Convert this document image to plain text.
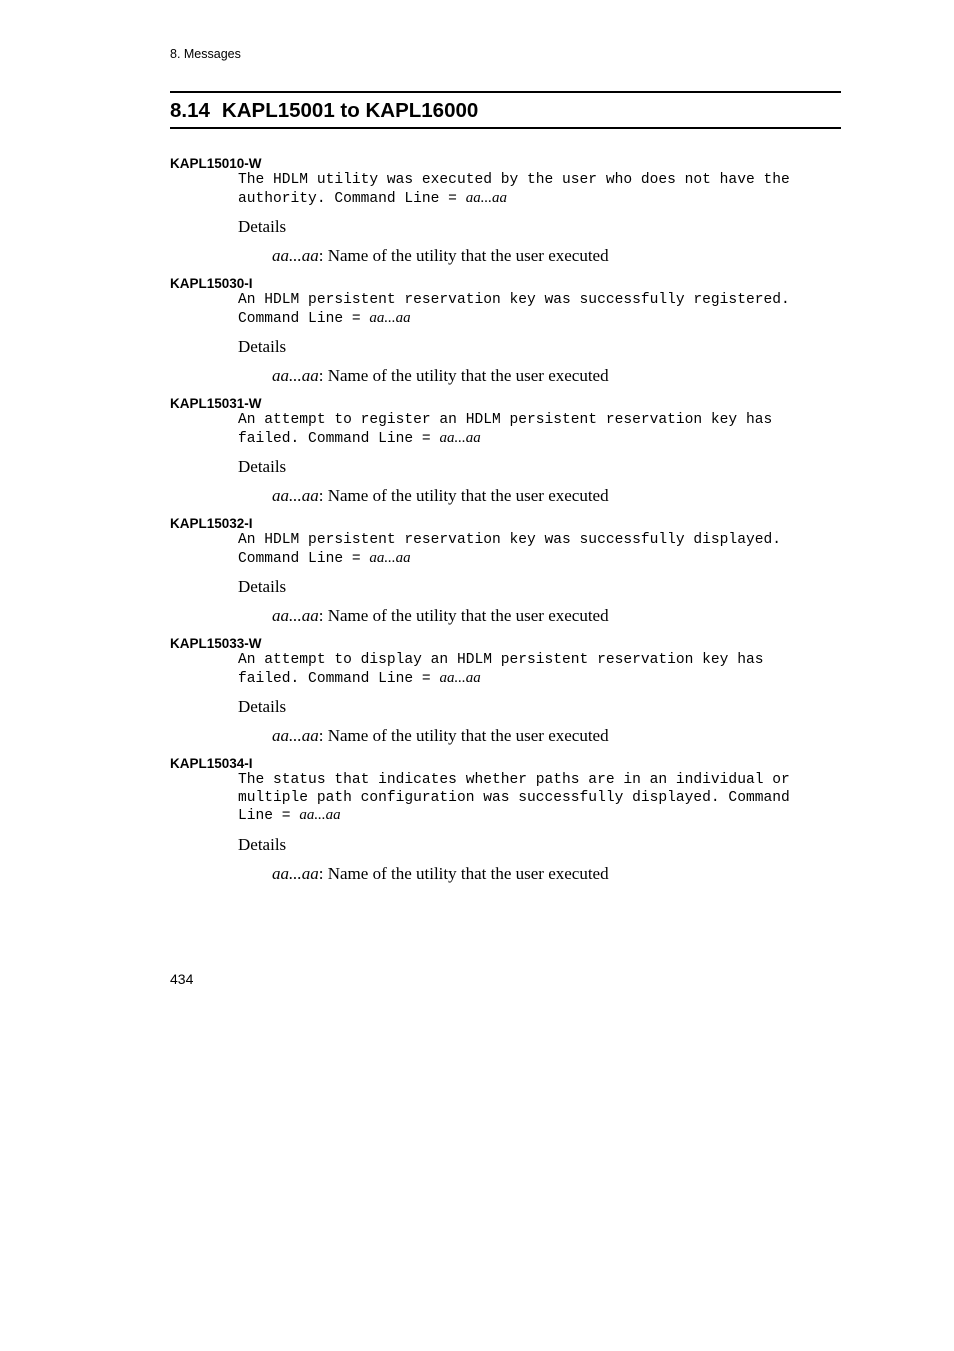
8. Messages
8.14 KAPL15001 to KAPL16000
KAPL15010-W
The HDLM utility was executed by the user who does not have the
authority. Command Line = aa...aa
Details
aa...aa: Name of the utility that the user executed
KAPL15030-I
An HDLM persistent reservation key was successfully registered.
Command Line = aa...aa
Details
aa...aa: Name of the utility that the user executed
KAPL15031-W
An attempt to register an HDLM persistent reservation key has
failed. Command Line = aa...aa
Details
aa...aa: Name of the utility that the user executed
KAPL15032-I
An HDLM persistent reservation key was successfully displayed.
Command Line = aa...aa
Details
aa...aa: Name of the utility that the user executed
KAPL15033-W
An attempt to display an HDLM persistent reservation key has
failed. Command Line = aa...aa
Details
aa...aa: Name of the utility that the user executed
KAPL15034-I
The status that indicates whether paths are in an individual or
multiple path configuration was successfully displayed. Command
Line = aa...aa
Details
aa...aa: Name of the utility that the user executed
434
